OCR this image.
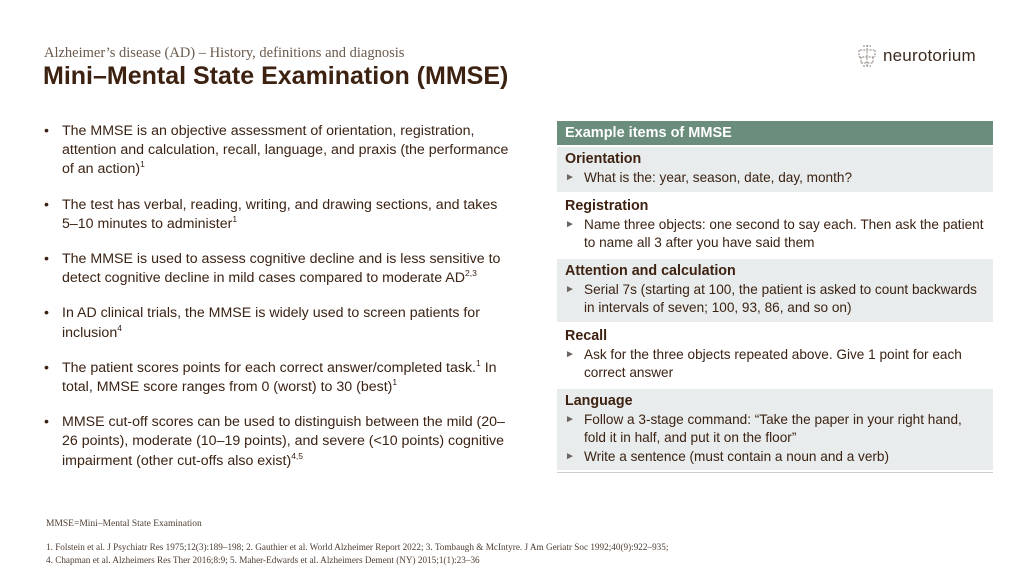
Alzheimer’s disease (AD) – History, definitions and diagnosis
Mini–Mental State Examination (MMSE)
neurotorium
• The MMSE is an objective assessment of orientation, registration, attention and calculation, recall, language, and praxis (the performance of an action)$^1$
• The test has verbal, reading, writing, and drawing sections, and takes 5–10 minutes to administer$^1$
• The MMSE is used to assess cognitive decline and is less sensitive to detect cognitive decline in mild cases compared to moderate AD$^{2,3}$
• In AD clinical trials, the MMSE is widely used to screen patients for inclusion$^4$
• The patient scores points for each correct answer/completed task.$^1$ In total, MMSE score ranges from 0 (worst) to 30 (best)$^1$
• MMSE cut-off scores can be used to distinguish between the mild (20–26 points), moderate (10–19 points), and severe (<10 points) cognitive impairment (other cut-offs also exist)$^{4,5}$
Example items of MMSE
Orientation
► What is the: year, season, date, day, month?
Registration
► Name three objects: one second to say each. Then ask the patient to name all 3 after you have said them
Attention and calculation
► Serial 7s (starting at 100, the patient is asked to count backwards in intervals of seven; 100, 93, 86, and so on)
Recall
► Ask for the three objects repeated above. Give 1 point for each correct answer
Language
► Follow a 3-stage command: “Take the paper in your right hand, fold it in half, and put it on the floor”
► Write a sentence (must contain a noun and a verb)
MMSE=Mini–Mental State Examination
1. Folstein et al. J Psychiatr Res 1975;12(3):189–198; 2. Gauthier et al. World Alzheimer Report 2022; 3. Tombaugh & McIntyre. J Am Geriatr Soc 1992;40(9):922–935;
4. Chapman et al. Alzheimers Res Ther 2016;8:9; 5. Maher-Edwards et al. Alzheimers Dement (NY) 2015;1(1):23–36
